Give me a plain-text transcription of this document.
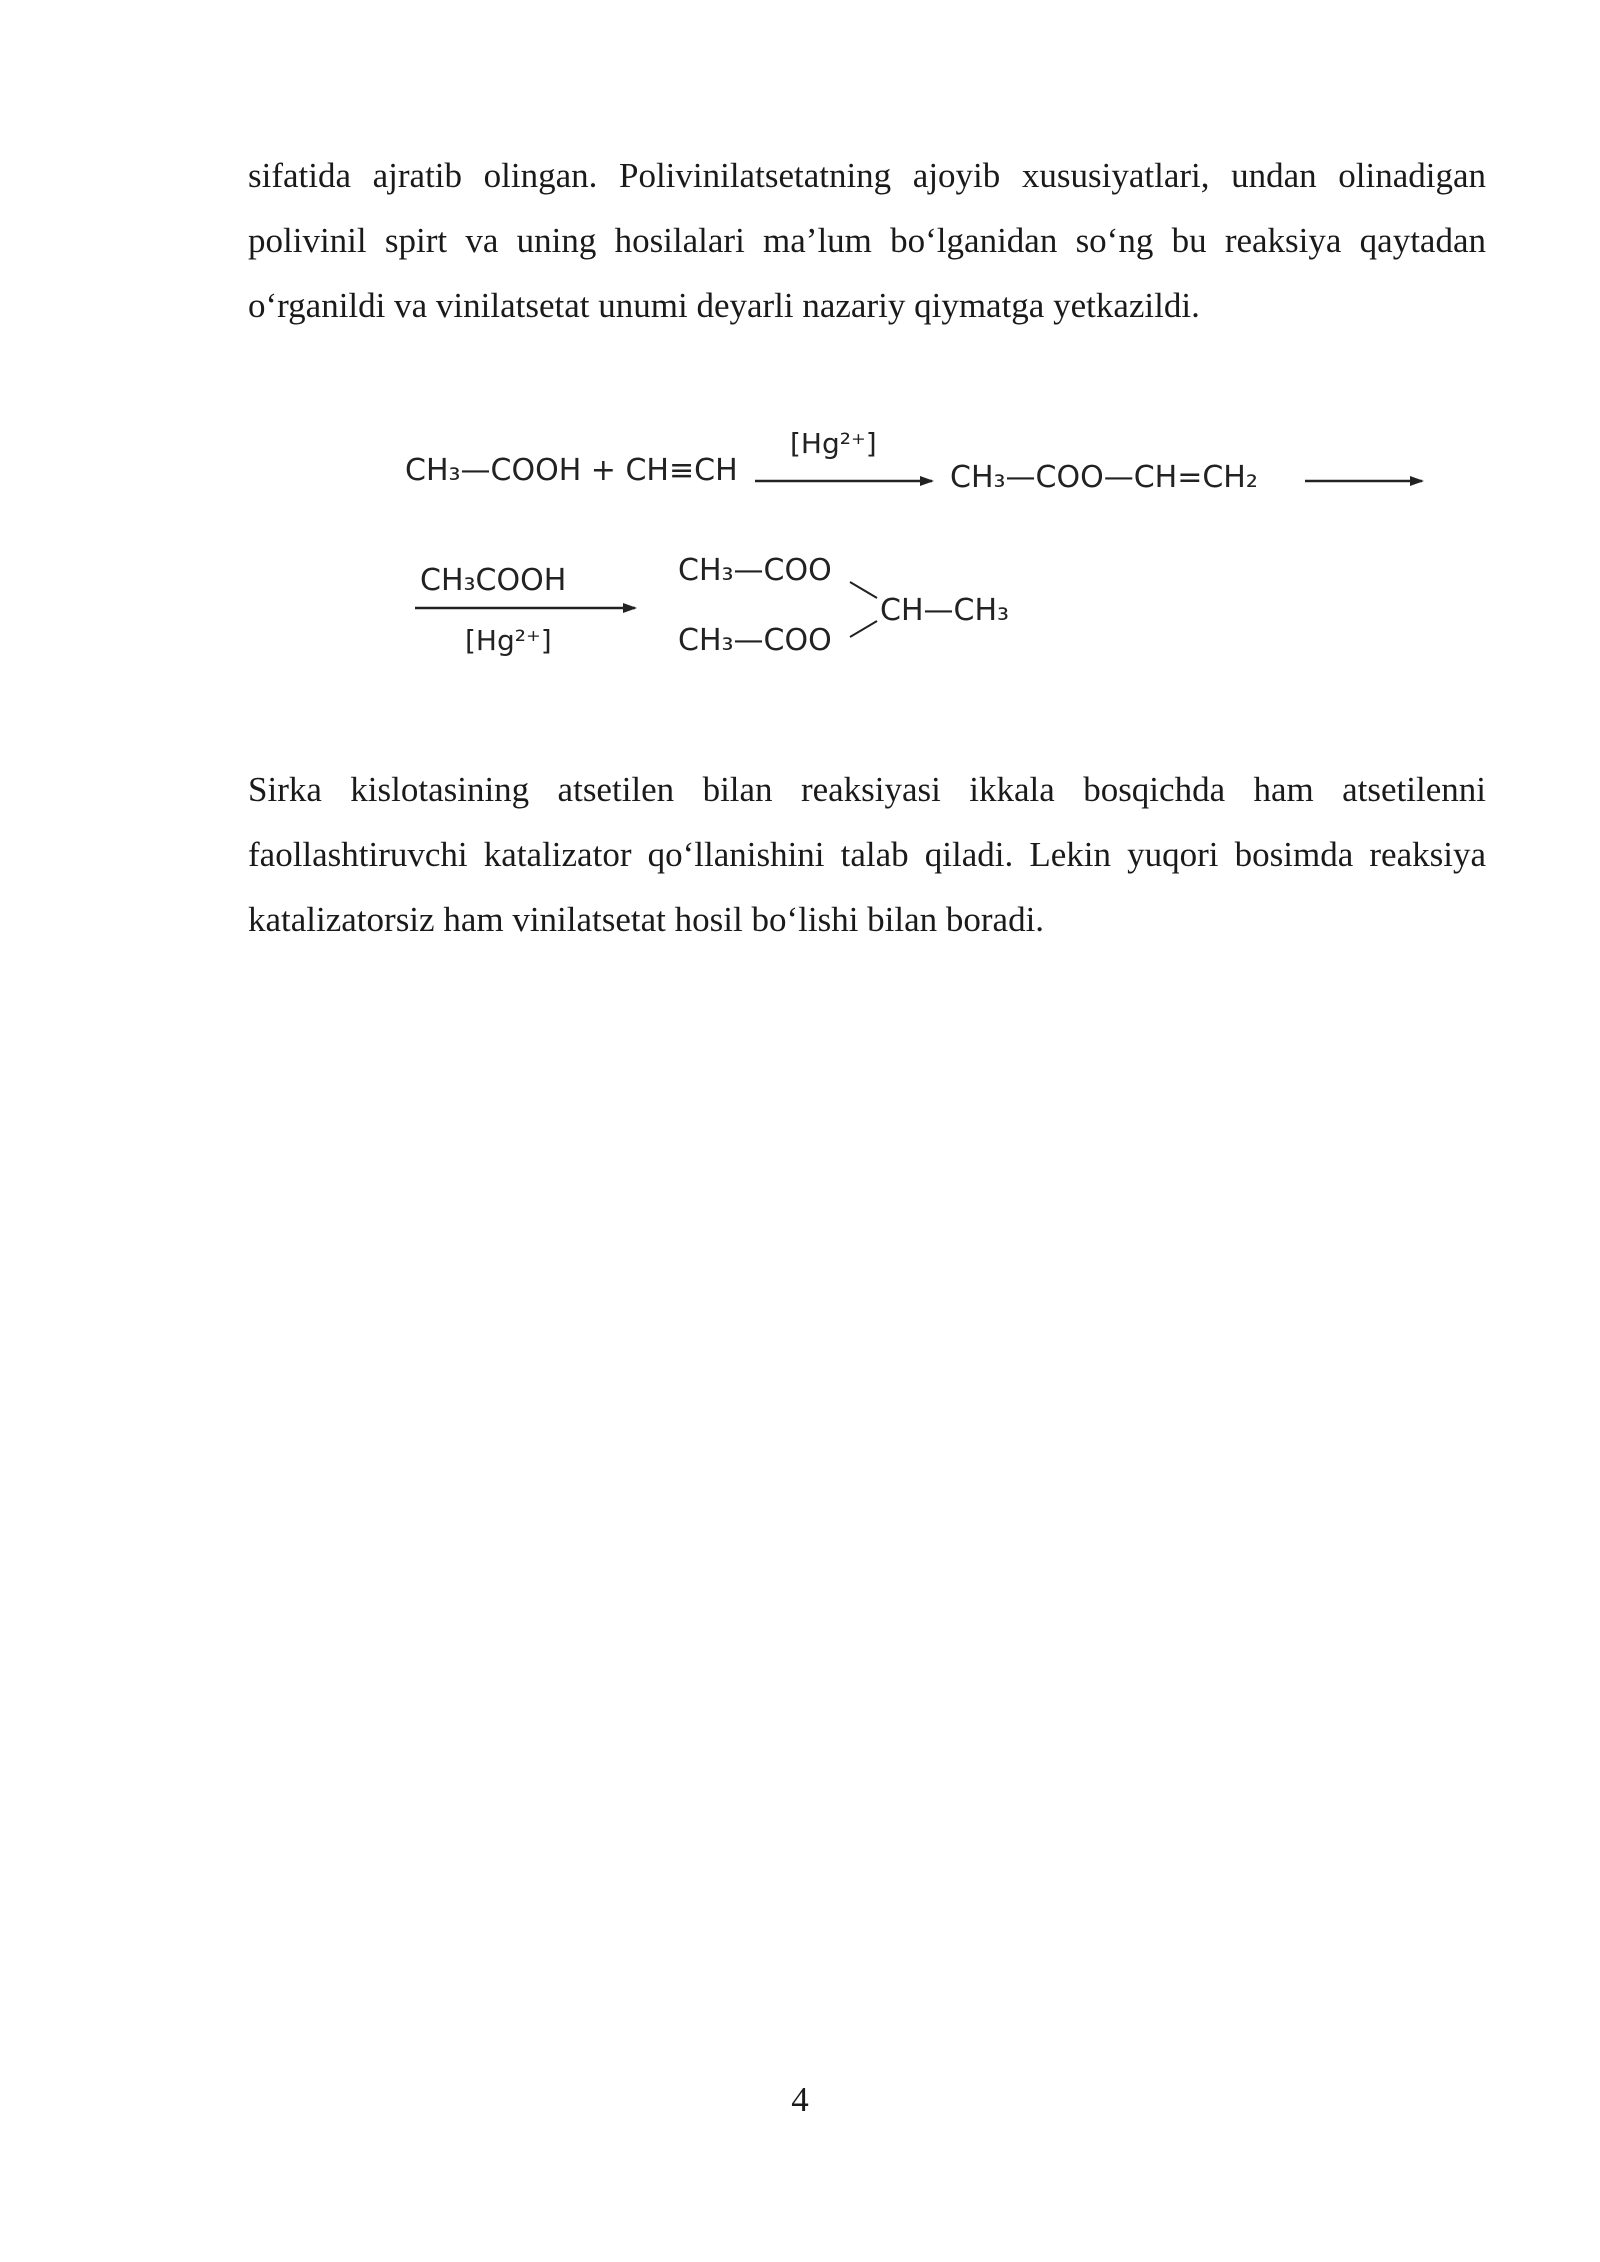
sifatida ajratib olingan. Polivinilatsetatning ajoyib xususiyatlari, undan olinadigan polivinil spirt va uning hosilalari ma’lum bo‘lganidan so‘ng bu reaksiya qaytadan o‘rganildi va vinilatsetat unumi deyarli nazariy qiymatga yetkazildi.

CH₃—COOH + CH≡CH
[Hg²⁺]
CH₃—COO—CH=CH₂
CH₃COOH
[Hg²⁺]
CH₃—COO
CH₃—COO
CH—CH₃

Sirka kislotasining atsetilen bilan reaksiyasi ikkala bosqichda ham atsetilenni faollashtiruvchi katalizator qo‘llanishini talab qiladi. Lekin yuqori bosimda reaksiya katalizatorsiz ham vinilatsetat hosil bo‘lishi bilan boradi.

4
